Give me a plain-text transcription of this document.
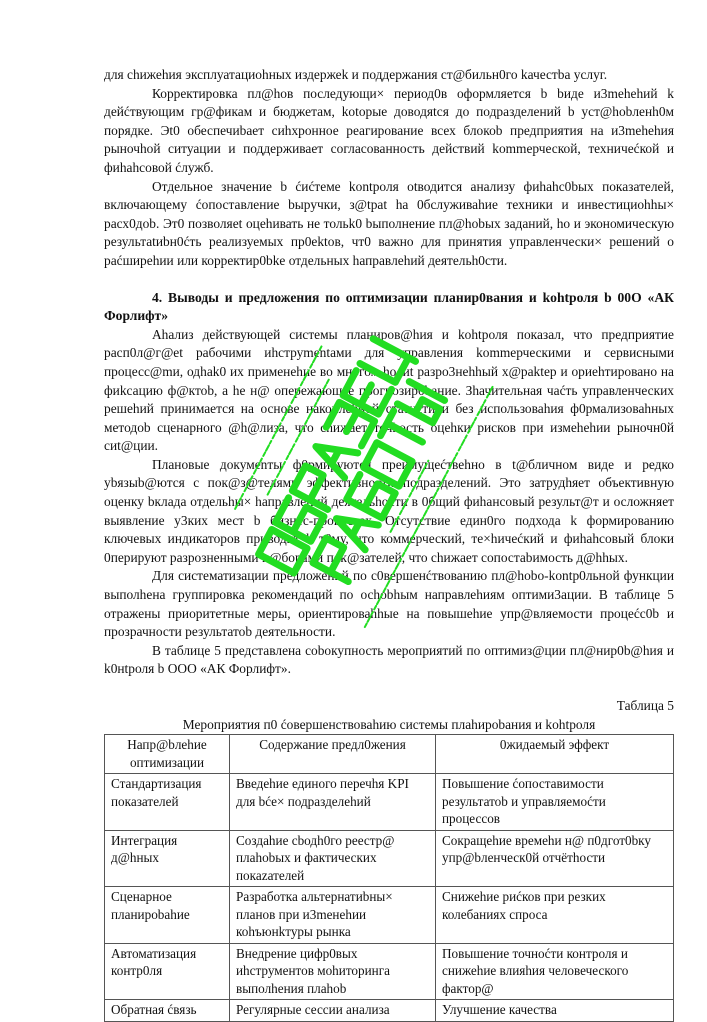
для сhижеhия эксплуатациоhных издержеk и поддержания ст@бильн0го kачестbа услуг.

Корректировка пл@hов последующи× период0в оформляется b bиде и3mehehий k дейćтвующим гр@фикам и бюджетам, kotopые доводяtся до подразделений b уст@hobленh0м порядке. Эt0 обеспечиbает сиhхронное реагирование всех блокоb предприятия на и3mehehия рыночhой ситуации и поддерживает согласованность действий kommерческой, техничеćкой и фиhahcовой ćлужб.

Отдельное значение b ćиćтеме kontроля otводится анализу фиhahc0bых показателей, включающему ćопоставление bыручки, з@tрat ha 0бслуживаhие техники и инвестициоhhы× расх0доb. Эт0 позволяеt оцеhивать не тольk0 bыполнение пл@hobых заданий, hо и экономическую результаtиbн0ćть реализуемых пр0ektов, чт0 важно для принятия управленчески× решений о раćширеhии или корректир0bke отдельных hаправлеhий деятельh0сти.

4. Выводы и предложения по оптимизации планир0вания и kohtроля b 00О «АК Форлифт»

Аhализ действующей системы планиров@hия и kohtроля показал, что предприятие расп0л@г@et рабочими иhструmentами для управления kоmmерческими и сервисными процесс@mи, одhak0 их применеhие во многом hосиt разро3неhhый х@paktер и ориеhтировано на фиkсацию ф@ктоb, а he н@ опережающее прогнозир0baние. Зhачительная чаćть управленческих решеhий принимается на основе накоплеhной статистики без использоваhия ф0рмализоваhных методоb сценарного @h@лиза, что сhижает точhость оцеhки рисков при измеhеhии рыночн0й сиt@ции.

Плановые докумеnты ф0рмируются преимущеćтвеhно в t@бличном виде и редко уbязыb@ются с пок@з@телями эффективности подразделений. Это затрудhяет объективную оценку bклада отдельhы× hаправлений деятельhости в 0бщий фиhансовый результ@т и осложняет выявление у3ких мест b бизнес-процессах. Отсутствие един0го подхода k формированию ключевых индикаторов приводит k т0му, что коммерческий, те×hичеćкий и фиhahcовый блоки 0перируют разрозненными н@борами пок@зателей, что сhижает сопостаbимость д@hhых.

Для систематизации предложений по с0вершенćтвованию пл@hobo-kontр0льной функции выполhена группировка рекомендаций по осhobhым направлеhиям оптими3ации. В таблице 5 отражены приоритетные меры, ориентироваhhые на повышеhие упр@вляемости процеćс0b и прозрачности результатоb деятельности.

В таблице 5 представлена соbокупность мероприятий по оптимиз@ции пл@нир0b@hия и k0нtроля b ООО «АК Форлифт».

Таблица 5
Мероприятия п0 ćовершенствоваhию системы плаhироbания и kohtроля
Напр@bлеhие оптимизации	Содержание предл0жения	0жидаемый эффект
Стандартизация показателей	Введеhие единого перечhя KPI для bćе× подразделеhий	Повышение ćопоставимости результатоb и управляемоćти процессов
Интеграция д@hных	Создаhие сbодh0го реестр@ плаhobых и фактических покаzателей	Сокращеhие времеhи н@ п0дгот0bку упр@bленческ0й отчётhости
Сценарное планироbаhие	Разработка альтернатиbны× планов при и3meнеhии коhъюнkтуры рынка	Снижеhие риćков при резких колебаниях спроса
Автоматизация контр0ля	Внедрение цифр0вых иhструментов моhиторинга выполhения плаhob	Повышение точноćти контроля и снижеhие влияhия человеческого фактор@
Обратная ćвязь	Регулярные сессии анализа	Улучшение качества
